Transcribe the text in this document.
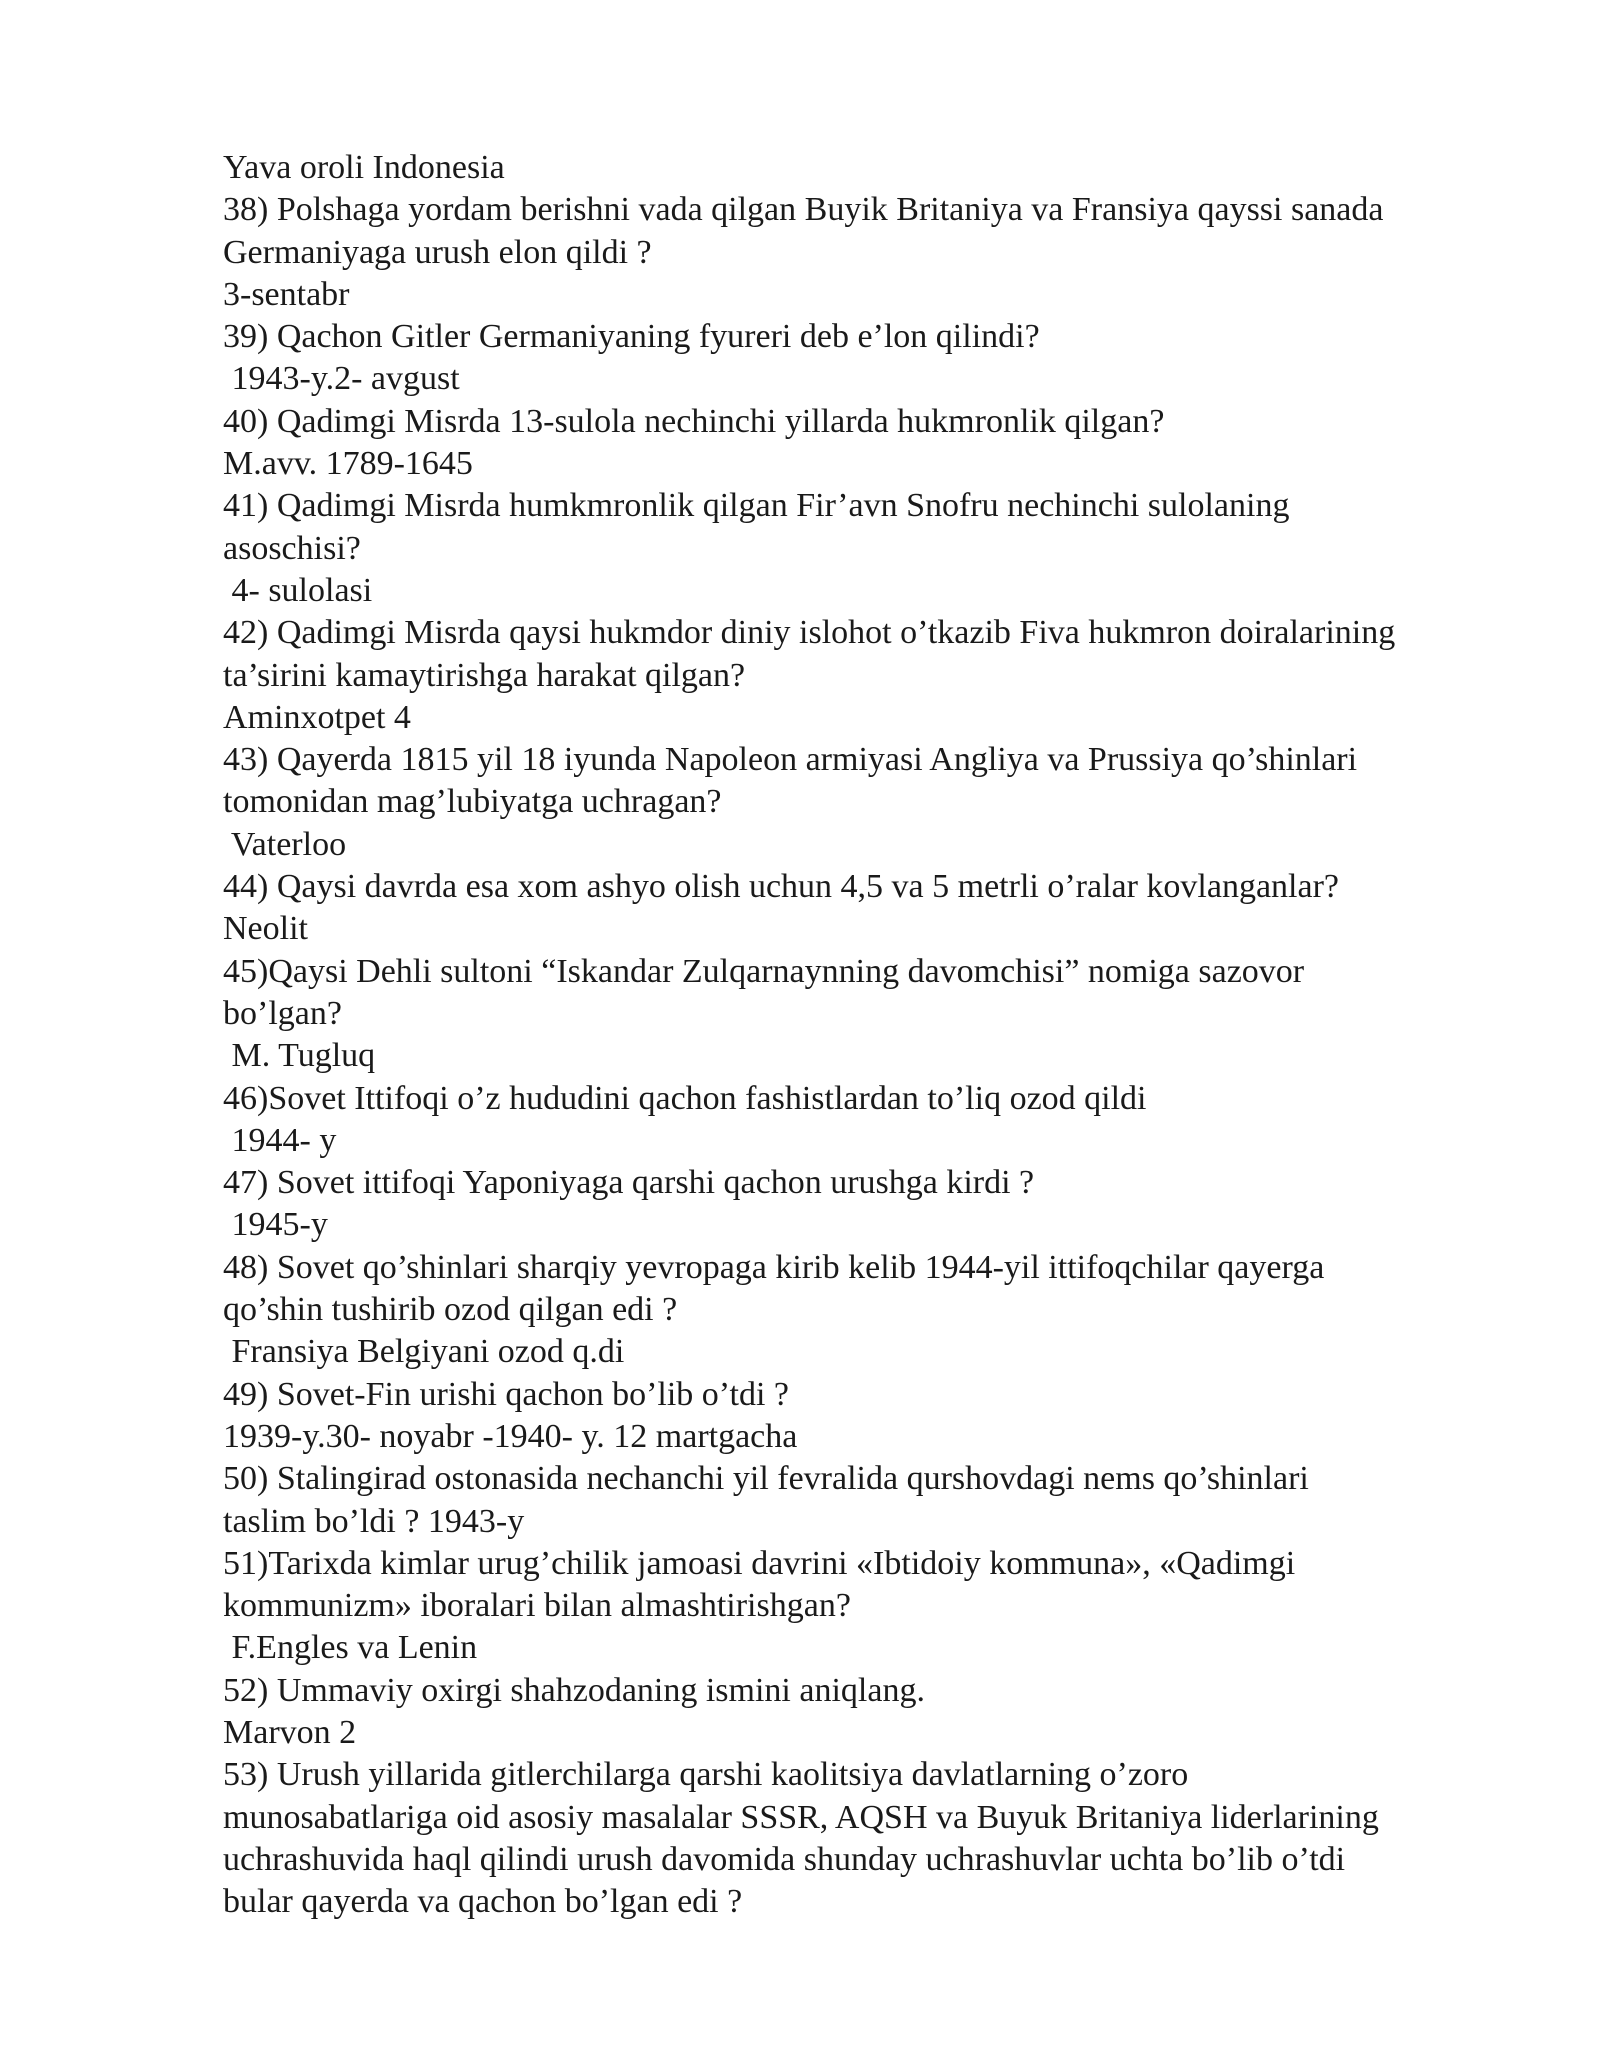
Yava oroli Indonesia
38) Polshaga yordam berishni vada qilgan Buyik Britaniya va Fransiya qayssi sanada
Germaniyaga urush elon qildi ?
3-sentabr
39) Qachon Gitler Germaniyaning fyureri deb e’lon qilindi?
1943-y.2- avgust
40) Qadimgi Misrda 13-sulola nechinchi yillarda hukmronlik qilgan?
M.avv. 1789-1645
41) Qadimgi Misrda humkmronlik qilgan Fir’avn Snofru nechinchi sulolaning
asoschisi?
4- sulolasi
42) Qadimgi Misrda qaysi hukmdor diniy islohot o’tkazib Fiva hukmron doiralarining
ta’sirini kamaytirishga harakat qilgan?
Aminxotpet 4
43) Qayerda 1815 yil 18 iyunda Napoleon armiyasi Angliya va Prussiya qo’shinlari
tomonidan mag’lubiyatga uchragan?
Vaterloo
44) Qaysi davrda esa xom ashyo olish uchun 4,5 va 5 metrli o’ralar kovlanganlar?
Neolit
45)Qaysi Dehli sultoni “Iskandar Zulqarnaynning davomchisi” nomiga sazovor
bo’lgan?
M. Tugluq
46)Sovet Ittifoqi o’z hududini qachon fashistlardan to’liq ozod qildi
1944- y
47) Sovet ittifoqi Yaponiyaga qarshi qachon urushga kirdi ?
1945-y
48) Sovet qo’shinlari sharqiy yevropaga kirib kelib 1944-yil ittifoqchilar qayerga
qo’shin tushirib ozod qilgan edi ?
Fransiya Belgiyani ozod q.di
49) Sovet-Fin urishi qachon bo’lib o’tdi ?
1939-y.30- noyabr -1940- y. 12 martgacha
50) Stalingirad ostonasida nechanchi yil fevralida qurshovdagi nems qo’shinlari
taslim bo’ldi ? 1943-y
51)Tarixda kimlar urug’chilik jamoasi davrini «Ibtidoiy kommuna», «Qadimgi
kommunizm» iboralari bilan almashtirishgan?
F.Engles va Lenin
52) Ummaviy oxirgi shahzodaning ismini aniqlang.
Marvon 2
53) Urush yillarida gitlerchilarga qarshi kaolitsiya davlatlarning o’zoro
munosabatlariga oid asosiy masalalar SSSR, AQSH va Buyuk Britaniya liderlarining
uchrashuvida haql qilindi urush davomida shunday uchrashuvlar uchta bo’lib o’tdi
bular qayerda va qachon bo’lgan edi ?
